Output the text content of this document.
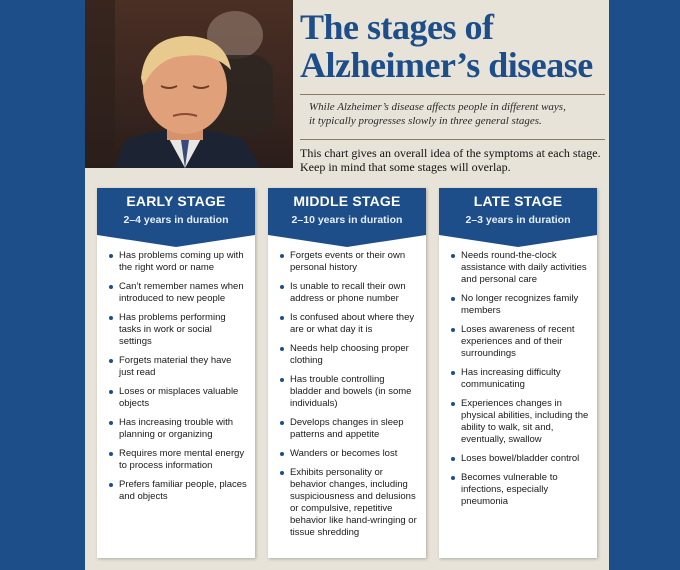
The stages of
Alzheimer’s disease
While Alzheimer’s disease affects people in different ways,
it typically progresses slowly in three general stages.
This chart gives an overall idea of the symptoms at each stage. Keep in mind that some stages will overlap.
EARLY STAGE
2–4 years in duration
Has problems coming up with the right word or name
Can’t remember names when introduced to new people
Has problems performing tasks in work or social settings
Forgets material they have just read
Loses or misplaces valuable objects
Has increasing trouble with planning or organizing
Requires more mental energy to process information
Prefers familiar people, places and objects
MIDDLE STAGE
2–10 years in duration
Forgets events or their own personal history
Is unable to recall their own address or phone number
Is confused about where they are or what day it is
Needs help choosing proper clothing
Has trouble controlling bladder and bowels (in some individuals)
Develops changes in sleep patterns and appetite
Wanders or becomes lost
Exhibits personality or behavior changes, including suspiciousness and delusions or compulsive, repetitive behavior like hand-wringing or tissue shredding
LATE STAGE
2–3 years in duration
Needs round-the-clock assistance with daily activities and personal care
No longer recognizes family members
Loses awareness of recent experiences and of their surroundings
Has increasing difficulty communicating
Experiences changes in physical abilities, including the ability to walk, sit and, eventually, swallow
Loses bowel/bladder control
Becomes vulnerable to infections, especially pneumonia
